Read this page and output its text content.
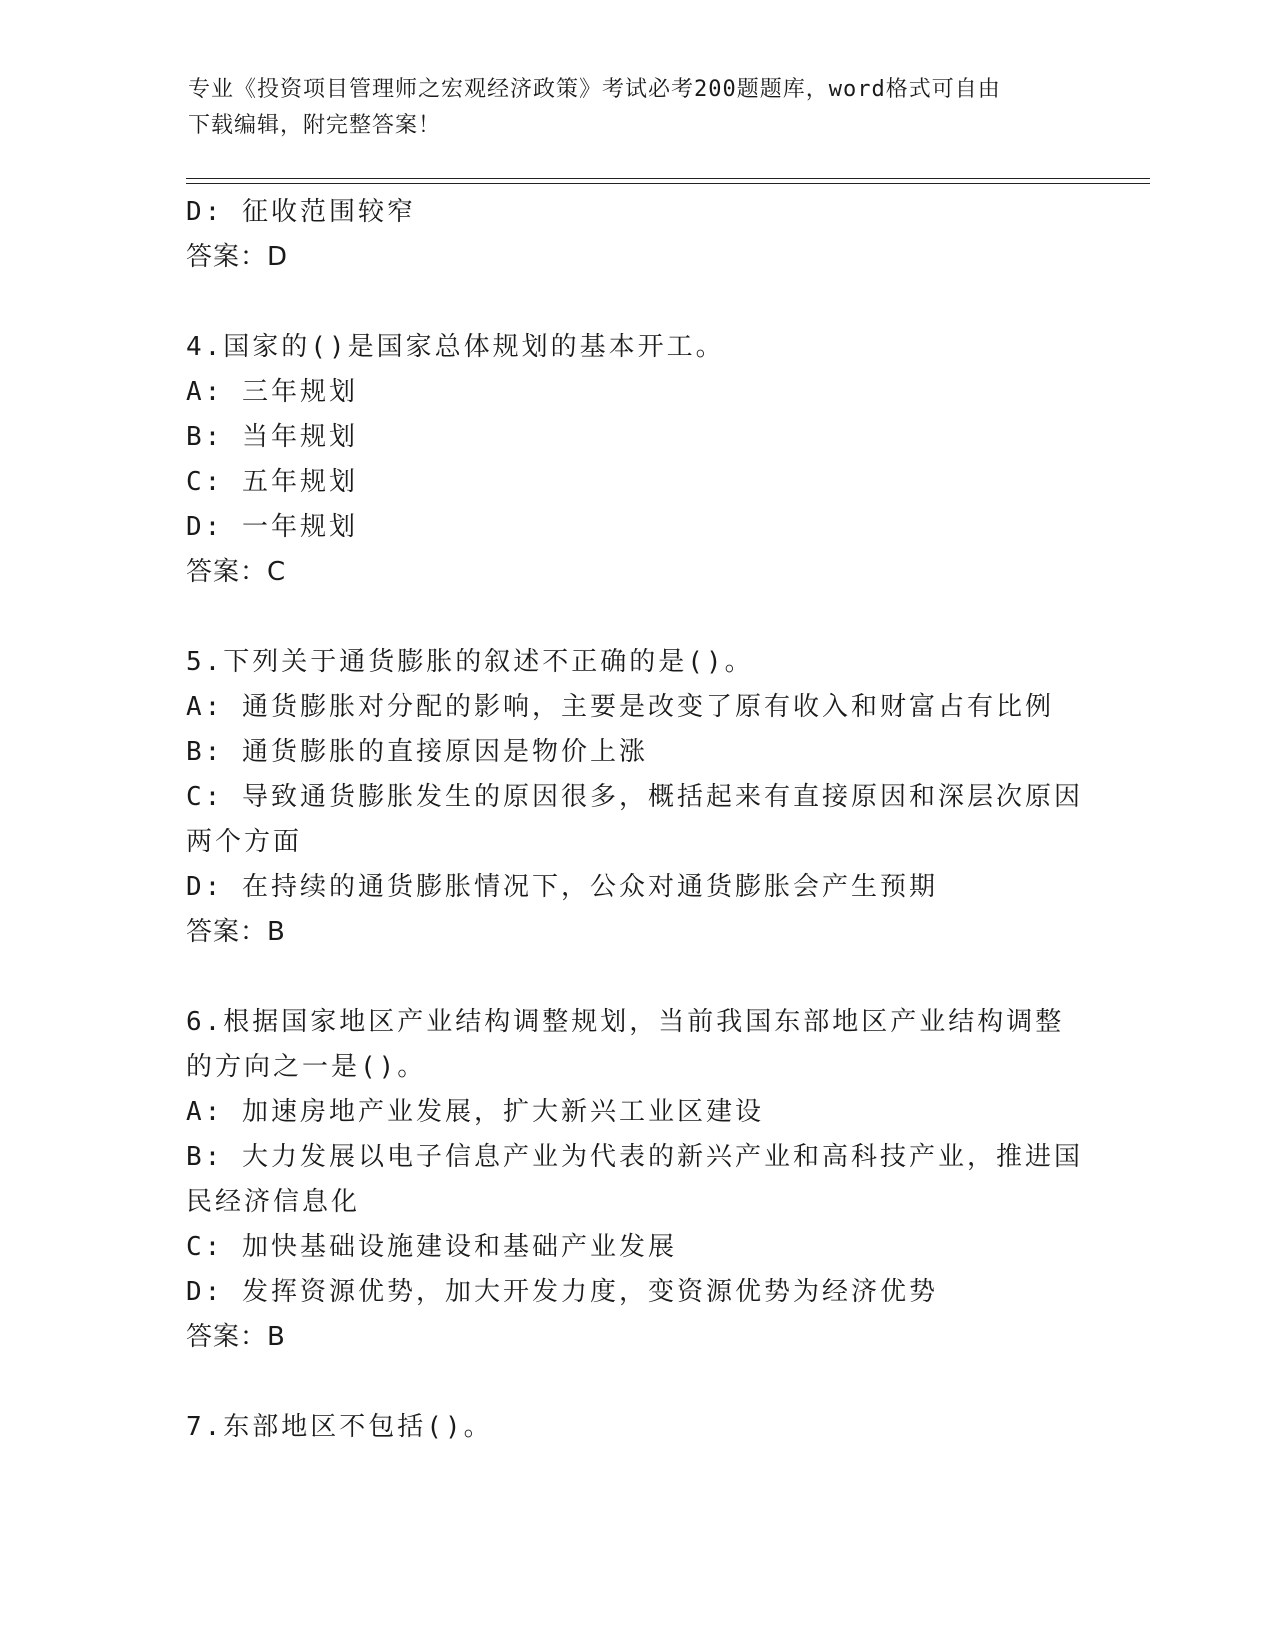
专业《投资项目管理师之宏观经济政策》考试必考200题题库，word格式可自由
下载编辑，附完整答案！
D: 征收范围较窄
答案：D
4.国家的()是国家总体规划的基本开工。
A: 三年规划
B: 当年规划
C: 五年规划
D: 一年规划
答案：C
5.下列关于通货膨胀的叙述不正确的是()。
A: 通货膨胀对分配的影响，主要是改变了原有收入和财富占有比例
B: 通货膨胀的直接原因是物价上涨
C: 导致通货膨胀发生的原因很多，概括起来有直接原因和深层次原因
两个方面
D: 在持续的通货膨胀情况下，公众对通货膨胀会产生预期
答案：B
6.根据国家地区产业结构调整规划，当前我国东部地区产业结构调整
的方向之一是()。
A: 加速房地产业发展，扩大新兴工业区建设
B: 大力发展以电子信息产业为代表的新兴产业和高科技产业，推进国
民经济信息化
C: 加快基础设施建设和基础产业发展
D: 发挥资源优势，加大开发力度，变资源优势为经济优势
答案：B
7.东部地区不包括()。
